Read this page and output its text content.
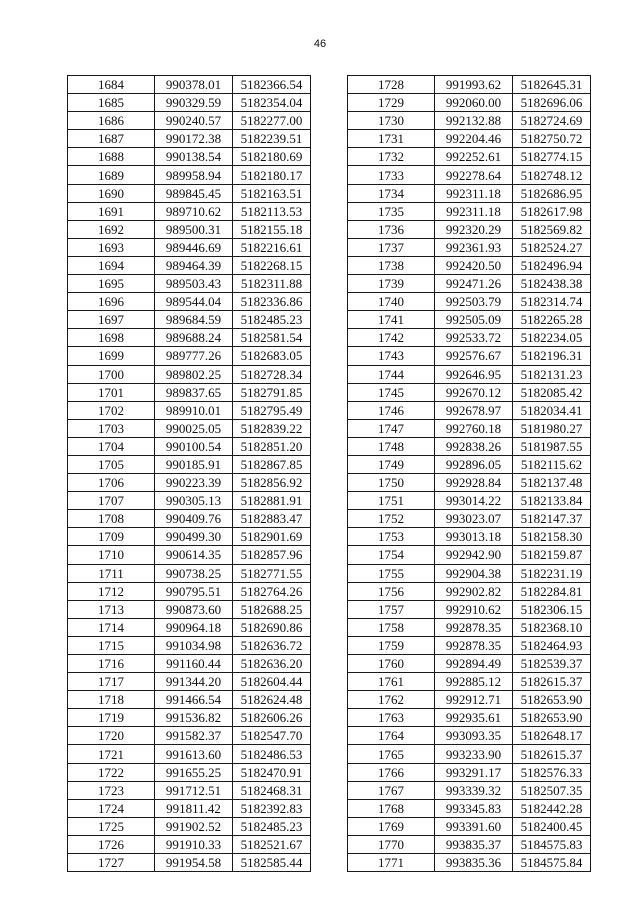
46
1684	990378.01	5182366.54
1685	990329.59	5182354.04
1686	990240.57	5182277.00
1687	990172.38	5182239.51
1688	990138.54	5182180.69
1689	989958.94	5182180.17
1690	989845.45	5182163.51
1691	989710.62	5182113.53
1692	989500.31	5182155.18
1693	989446.69	5182216.61
1694	989464.39	5182268.15
1695	989503.43	5182311.88
1696	989544.04	5182336.86
1697	989684.59	5182485.23
1698	989688.24	5182581.54
1699	989777.26	5182683.05
1700	989802.25	5182728.34
1701	989837.65	5182791.85
1702	989910.01	5182795.49
1703	990025.05	5182839.22
1704	990100.54	5182851.20
1705	990185.91	5182867.85
1706	990223.39	5182856.92
1707	990305.13	5182881.91
1708	990409.76	5182883.47
1709	990499.30	5182901.69
1710	990614.35	5182857.96
1711	990738.25	5182771.55
1712	990795.51	5182764.26
1713	990873.60	5182688.25
1714	990964.18	5182690.86
1715	991034.98	5182636.72
1716	991160.44	5182636.20
1717	991344.20	5182604.44
1718	991466.54	5182624.48
1719	991536.82	5182606.26
1720	991582.37	5182547.70
1721	991613.60	5182486.53
1722	991655.25	5182470.91
1723	991712.51	5182468.31
1724	991811.42	5182392.83
1725	991902.52	5182485.23
1726	991910.33	5182521.67
1727	991954.58	5182585.44
1728	991993.62	5182645.31
1729	992060.00	5182696.06
1730	992132.88	5182724.69
1731	992204.46	5182750.72
1732	992252.61	5182774.15
1733	992278.64	5182748.12
1734	992311.18	5182686.95
1735	992311.18	5182617.98
1736	992320.29	5182569.82
1737	992361.93	5182524.27
1738	992420.50	5182496.94
1739	992471.26	5182438.38
1740	992503.79	5182314.74
1741	992505.09	5182265.28
1742	992533.72	5182234.05
1743	992576.67	5182196.31
1744	992646.95	5182131.23
1745	992670.12	5182085.42
1746	992678.97	5182034.41
1747	992760.18	5181980.27
1748	992838.26	5181987.55
1749	992896.05	5182115.62
1750	992928.84	5182137.48
1751	993014.22	5182133.84
1752	993023.07	5182147.37
1753	993013.18	5182158.30
1754	992942.90	5182159.87
1755	992904.38	5182231.19
1756	992902.82	5182284.81
1757	992910.62	5182306.15
1758	992878.35	5182368.10
1759	992878.35	5182464.93
1760	992894.49	5182539.37
1761	992885.12	5182615.37
1762	992912.71	5182653.90
1763	992935.61	5182653.90
1764	993093.35	5182648.17
1765	993233.90	5182615.37
1766	993291.17	5182576.33
1767	993339.32	5182507.35
1768	993345.83	5182442.28
1769	993391.60	5182400.45
1770	993835.37	5184575.83
1771	993835.36	5184575.84
